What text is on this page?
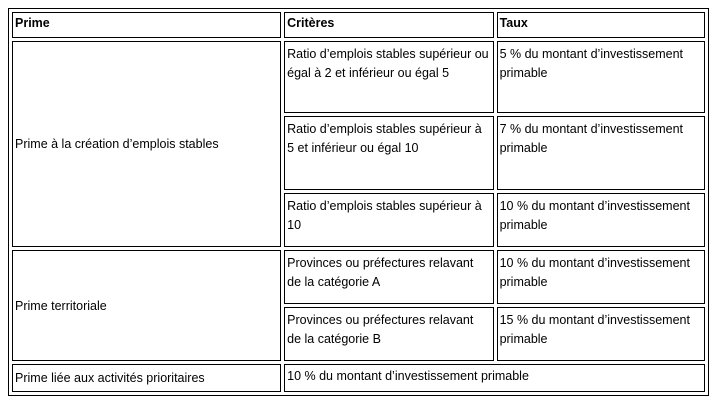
Prime	Critères	Taux
Prime à la création d’emplois stables	Ratio d’emplois stables supérieur ou égal à 2 et inférieur ou égal 5	5 % du montant d’investissement primable
	Ratio d’emplois stables supérieur à 5 et inférieur ou égal 10	7 % du montant d’investissement primable
	Ratio d’emplois stables supérieur à 10	10 % du montant d’investissement primable
Prime territoriale	Provinces ou préfectures relavant de la catégorie A	10 % du montant d’investissement primable
	Provinces ou préfectures relavant de la catégorie B	15 % du montant d’investissement primable
Prime liée aux activités prioritaires	10 % du montant d’investissement primable	
